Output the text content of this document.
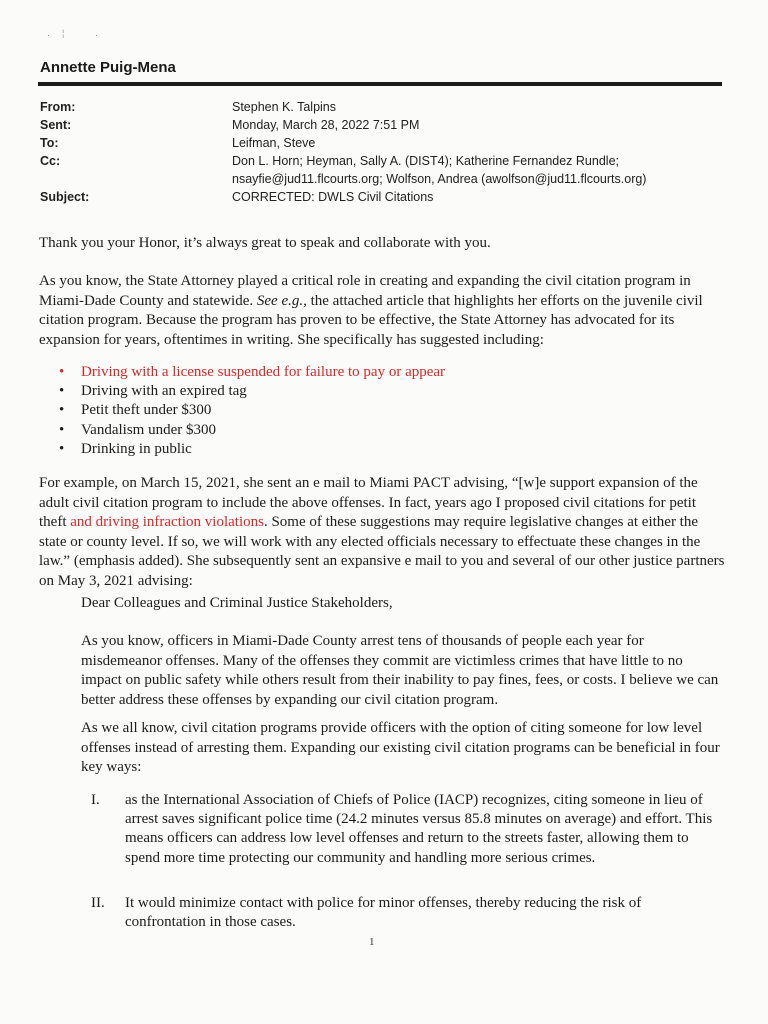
· ¦	·
Annette Puig-Mena
From:	Stephen K. Talpins
Sent:	Monday, March 28, 2022 7:51 PM
To:	Leifman, Steve
Cc:	Don L. Horn; Heyman, Sally A. (DIST4); Katherine Fernandez Rundle;
nsayfie@jud11.flcourts.org; Wolfson, Andrea (awolfson@jud11.flcourts.org)
Subject:	CORRECTED: DWLS Civil Citations

Thank you your Honor, it’s always great to speak and collaborate with you.

As you know, the State Attorney played a critical role in creating and expanding the civil citation program in Miami-Dade County and statewide. See e.g., the attached article that highlights her efforts on the juvenile civil citation program. Because the program has proven to be effective, the State Attorney has advocated for its expansion for years, oftentimes in writing. She specifically has suggested including:

• Driving with a license suspended for failure to pay or appear
• Driving with an expired tag
• Petit theft under $300
• Vandalism under $300
• Drinking in public

For example, on March 15, 2021, she sent an e mail to Miami PACT advising, “[w]e support expansion of the adult civil citation program to include the above offenses. In fact, years ago I proposed civil citations for petit theft and driving infraction violations. Some of these suggestions may require legislative changes at either the state or county level. If so, we will work with any elected officials necessary to effectuate these changes in the law.” (emphasis added). She subsequently sent an expansive e mail to you and several of our other justice partners on May 3, 2021 advising:

Dear Colleagues and Criminal Justice Stakeholders,

As you know, officers in Miami-Dade County arrest tens of thousands of people each year for misdemeanor offenses. Many of the offenses they commit are victimless crimes that have little to no impact on public safety while others result from their inability to pay fines, fees, or costs. I believe we can better address these offenses by expanding our civil citation program.

As we all know, civil citation programs provide officers with the option of citing someone for low level offenses instead of arresting them. Expanding our existing civil citation programs can be beneficial in four key ways:

I. as the International Association of Chiefs of Police (IACP) recognizes, citing someone in lieu of arrest saves significant police time (24.2 minutes versus 85.8 minutes on average) and effort. This means officers can address low level offenses and return to the streets faster, allowing them to spend more time protecting our community and handling more serious crimes.
II. It would minimize contact with police for minor offenses, thereby reducing the risk of confrontation in those cases.
1
